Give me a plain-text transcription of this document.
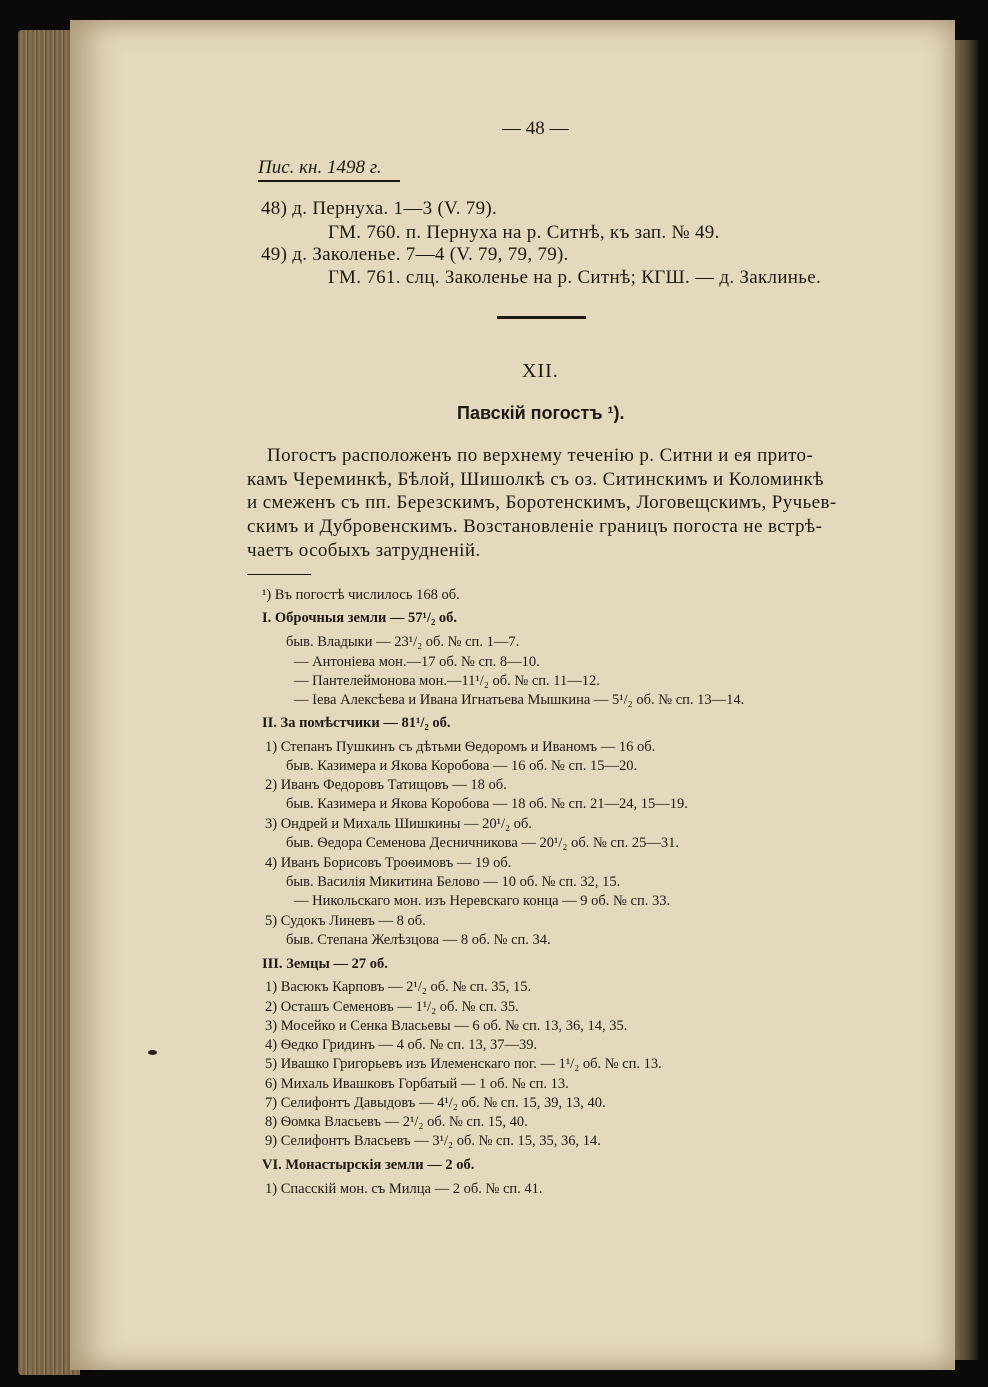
— 48 —
Пис. кн. 1498 г.
48) д. Пернуха. 1—3 (V. 79).
ГМ. 760. п. Пернуха на р. Ситнѣ, къ зап. № 49.
49) д. Заколенье. 7—4 (V. 79, 79, 79).
ГМ. 761. слц. Заколенье на р. Ситнѣ; КГШ. — д. Заклинье.
XII.
Павскій погостъ ¹).
Погостъ расположенъ по верхнему теченію р. Ситни и ея прито-
камъ Череминкѣ, Бѣлой, Шишолкѣ съ оз. Ситинскимъ и Коломинкѣ
и смеженъ съ пп. Березскимъ, Боротенскимъ, Логовещскимъ, Ручьев-
скимъ и Дубровенскимъ. Возстановленіе границъ погоста не встрѣ-
чаетъ особыхъ затрудненій.
¹) Въ погостѣ числилось 168 об.
I. Оброчныя земли — 57¹/₂ об.
быв. Владыки — 23¹/₂ об. № сп. 1—7.
— Антоніева мон.—17 об. № сп. 8—10.
— Пантелеймонова мон.—11¹/₂ об. № сп. 11—12.
— Іева Алексѣева и Ивана Игнатьева Мышкина — 5¹/₂ об. № сп. 13—14.
II. За помѣстчики — 81¹/₂ об.
1) Степанъ Пушкинъ съ дѣтьми Ѳедоромъ и Иваномъ — 16 об.
быв. Казимера и Якова Коробова — 16 об. № сп. 15—20.
2) Иванъ Федоровъ Татищовъ — 18 об.
быв. Казимера и Якова Коробова — 18 об. № сп. 21—24, 15—19.
3) Ондрей и Михаль Шишкины — 20¹/₂ об.
быв. Ѳедора Семенова Десничникова — 20¹/₂ об. № сп. 25—31.
4) Иванъ Борисовъ Троѳимовъ — 19 об.
быв. Василія Микитина Белово — 10 об. № сп. 32, 15.
— Никольскаго мон. изъ Неревскаго конца — 9 об. № сп. 33.
5) Судокъ Линевъ — 8 об.
быв. Степана Желѣзцова — 8 об. № сп. 34.
III. Земцы — 27 об.
1) Васюкъ Карповъ — 2¹/₂ об. № сп. 35, 15.
2) Осташъ Семеновъ — 1¹/₂ об. № сп. 35.
3) Мосейко и Сенка Власьевы — 6 об. № сп. 13, 36, 14, 35.
4) Ѳедко Гридинъ — 4 об. № сп. 13, 37—39.
5) Ивашко Григорьевъ изъ Илеменскаго пог. — 1¹/₂ об. № сп. 13.
6) Михаль Ивашковъ Горбатый — 1 об. № сп. 13.
7) Селифонтъ Давыдовъ — 4¹/₂ об. № сп. 15, 39, 13, 40.
8) Ѳомка Власьевъ — 2¹/₂ об. № сп. 15, 40.
9) Селифонтъ Власьевъ — 3¹/₂ об. № сп. 15, 35, 36, 14.
VI. Монастырскія земли — 2 об.
1) Спасскій мон. съ Милца — 2 об. № сп. 41.
